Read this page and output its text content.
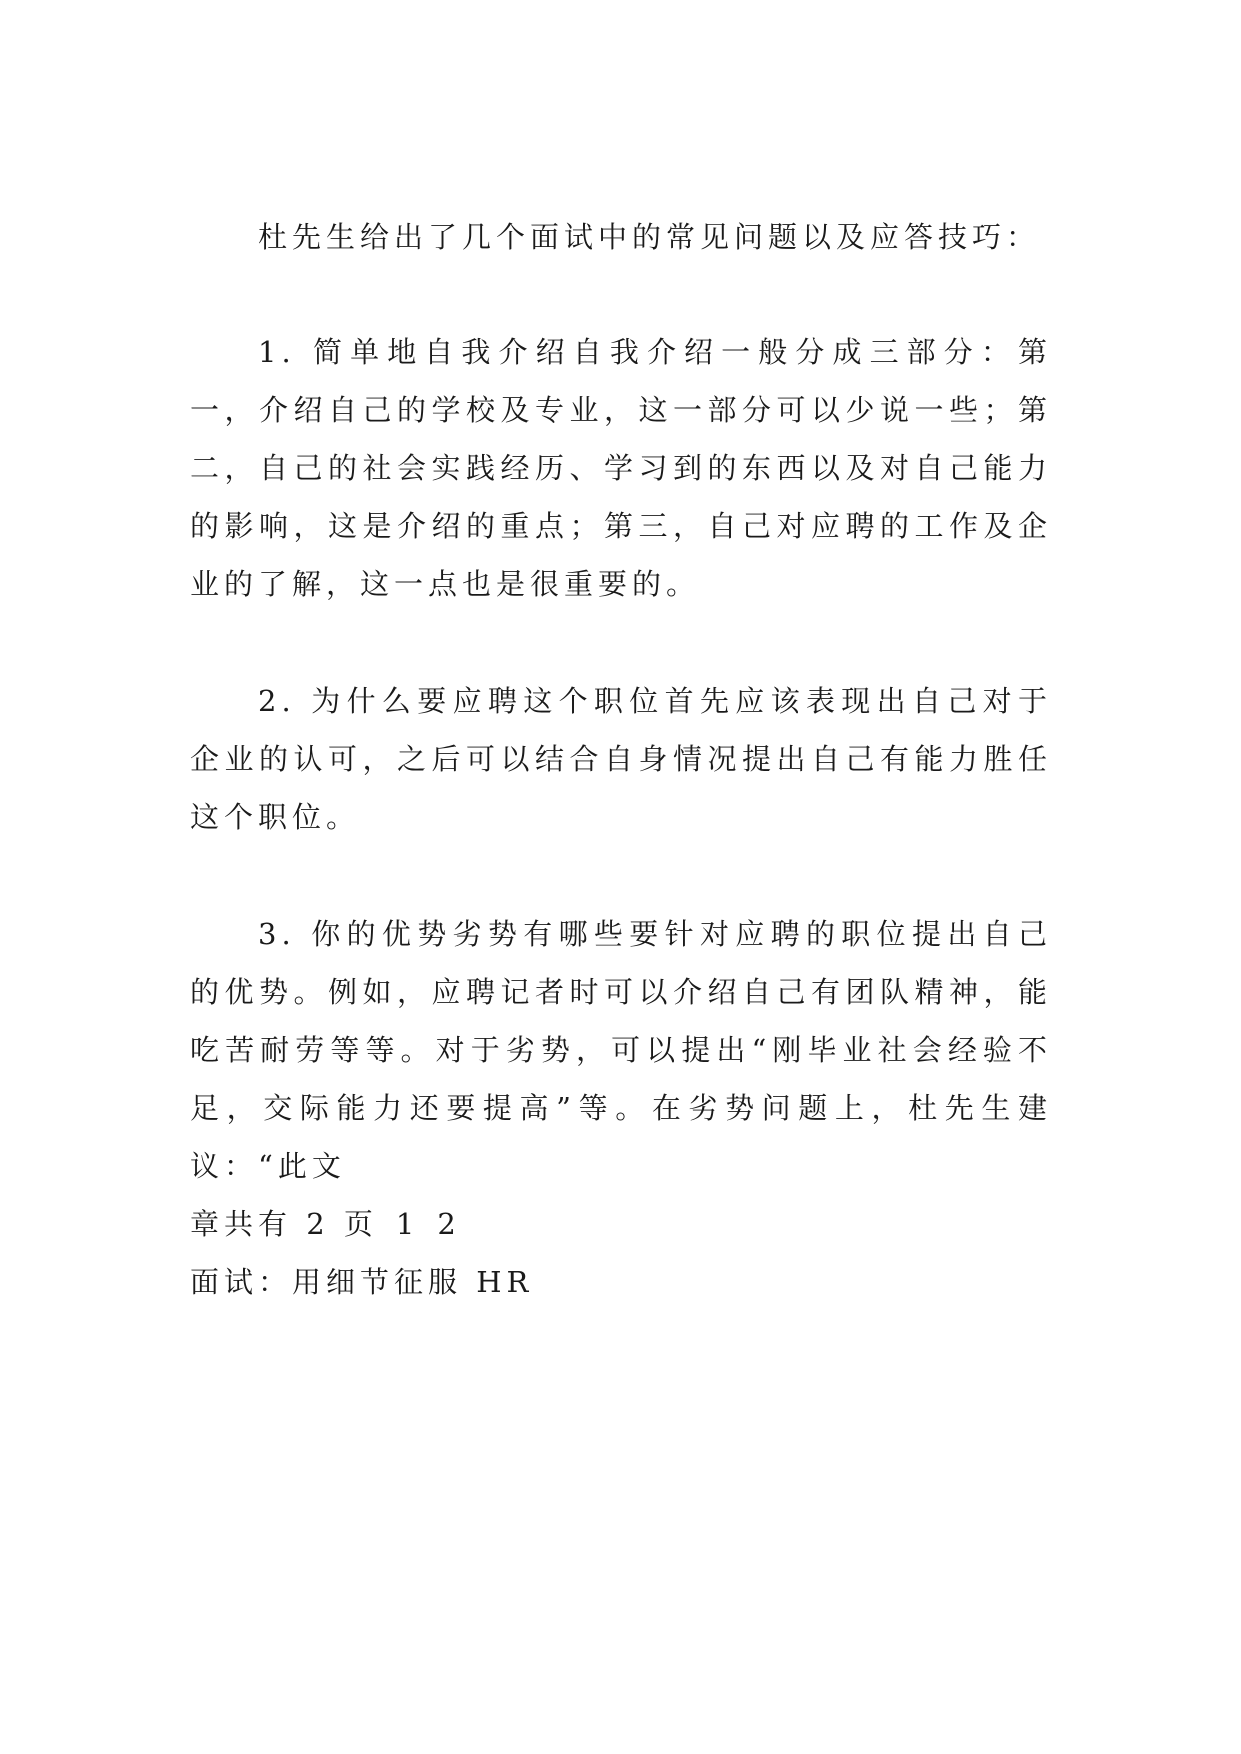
杜先生给出了几个面试中的常见问题以及应答技巧：

1. 简单地自我介绍自我介绍一般分成三部分：第一，介绍自己的学校及专业，这一部分可以少说一些；第二，自己的社会实践经历、学习到的东西以及对自己能力的影响，这是介绍的重点；第三，自己对应聘的工作及企业的了解，这一点也是很重要的。

2. 为什么要应聘这个职位首先应该表现出自己对于企业的认可，之后可以结合自身情况提出自己有能力胜任这个职位。

3. 你的优势劣势有哪些要针对应聘的职位提出自己的优势。例如，应聘记者时可以介绍自己有团队精神，能吃苦耐劳等等。对于劣势，可以提出“刚毕业社会经验不足，交际能力还要提高”等。在劣势问题上，杜先生建议：“此文

章共有 2 页 1 2
面试：用细节征服 HR
